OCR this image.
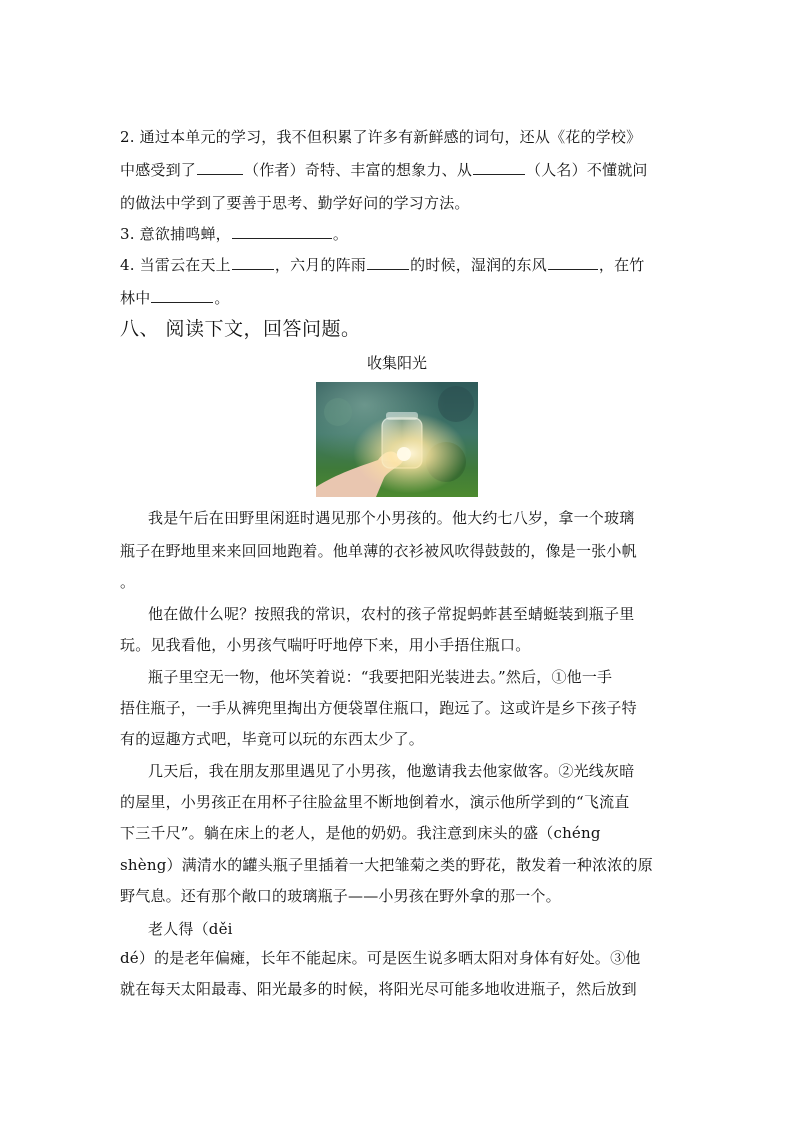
2. 通过本单元的学习，我不但积累了许多有新鲜感的词句，还从《花的学校》
中感受到了	（作者）奇特、丰富的想象力、从	（人名）不懂就问
的做法中学到了要善于思考、勤学好问的学习方法。
3. 意欲捕鸣蝉，	。
4. 当雷云在天上	，六月的阵雨	的时候，湿润的东风	，在竹
林中	。
八、 阅读下文，回答问题。
收集阳光
我是午后在田野里闲逛时遇见那个小男孩的。他大约七八岁，拿一个玻璃
瓶子在野地里来来回回地跑着。他单薄的衣衫被风吹得鼓鼓的，像是一张小帆
。
他在做什么呢？按照我的常识，农村的孩子常捉蚂蚱甚至蜻蜓装到瓶子里
玩。见我看他，小男孩气喘吁吁地停下来，用小手捂住瓶口。
瓶子里空无一物，他坏笑着说：“我要把阳光装进去。”然后，①他一手
捂住瓶子，一手从裤兜里掏出方便袋罩住瓶口，跑远了。这或许是乡下孩子特
有的逗趣方式吧，毕竟可以玩的东西太少了。
几天后，我在朋友那里遇见了小男孩，他邀请我去他家做客。②光线灰暗
的屋里，小男孩正在用杯子往脸盆里不断地倒着水，演示他所学到的“飞流直
下三千尺”。躺在床上的老人，是他的奶奶。我注意到床头的盛（chéng
shèng）满清水的罐头瓶子里插着一大把雏菊之类的野花，散发着一种浓浓的原
野气息。还有那个敞口的玻璃瓶子——小男孩在野外拿的那一个。
老人得（děi
dé）的是老年偏瘫，长年不能起床。可是医生说多晒太阳对身体有好处。③他
就在每天太阳最毒、阳光最多的时候，将阳光尽可能多地收进瓶子，然后放到
